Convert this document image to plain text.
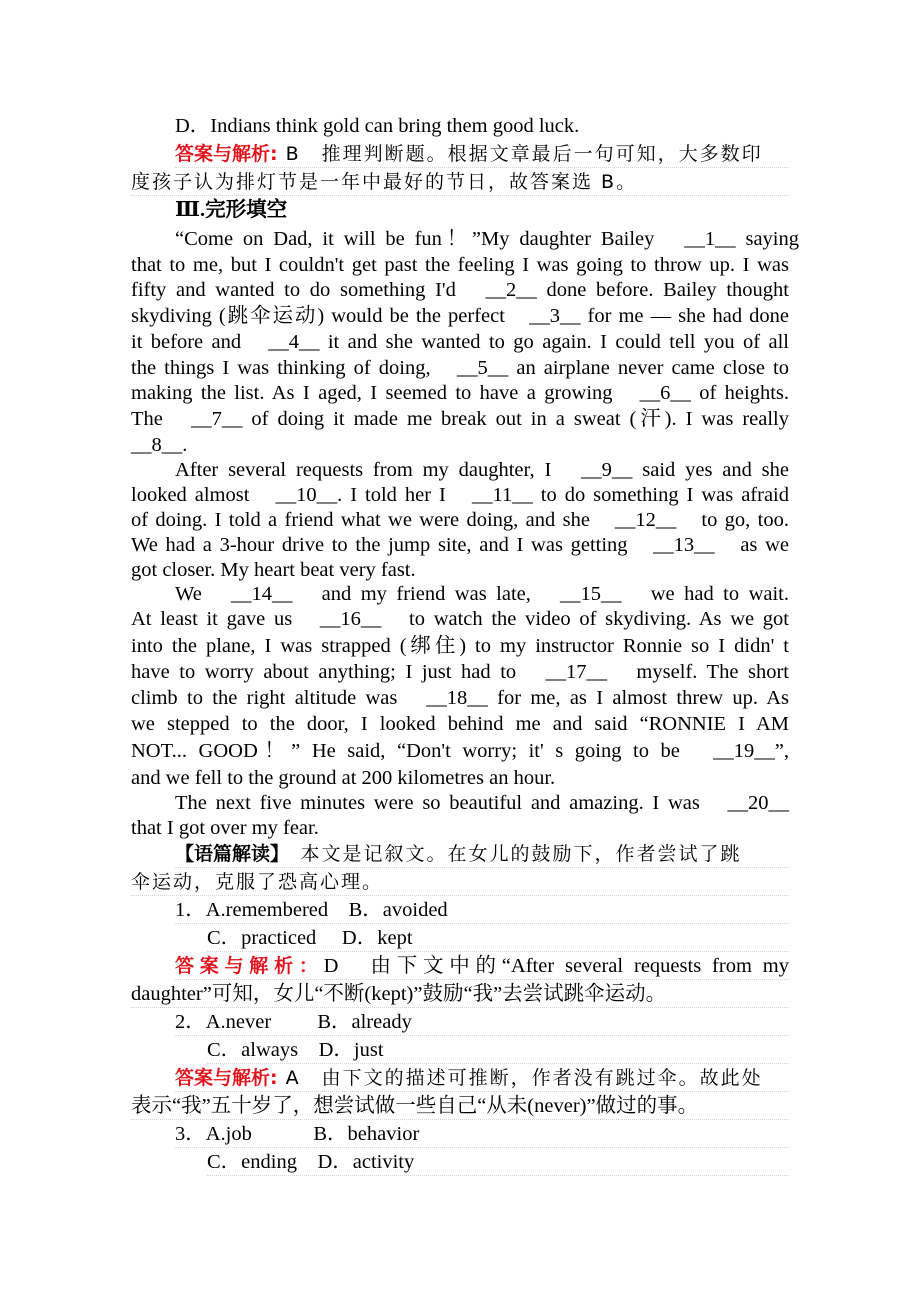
D．Indians think gold can bring them good luck.
答案与解析: B　推理判断题。根据文章最后一句可知，大多数印
度孩子认为排灯节是一年中最好的节日，故答案选 B。
Ⅲ.完形填空
“Come on Dad, it will be fun！”My daughter Bailey　__1__ saying
that to me, but I couldn't get past the feeling I was going to throw up. I was
fifty and wanted to do something I'd　__2__ done before. Bailey thought
skydiving (跳伞运动) would be the perfect　__3__ for me — she had done
it before and　__4__ it and she wanted to go again. I could tell you of all
the things I was thinking of doing,　__5__ an airplane never came close to
making the list. As I aged, I seemed to have a growing　__6__ of heights.
The　__7__ of doing it made me break out in a sweat (汗). I was really
__8__.
After several requests from my daughter, I　__9__ said yes and she
looked almost　__10__. I told her I　__11__ to do something I was afraid
of doing. I told a friend what we were doing, and she　__12__　to go, too.
We had a 3-hour drive to the jump site, and I was getting　__13__　as we
got closer. My heart beat very fast.
We　__14__　and my friend was late,　__15__　we had to wait.
At least it gave us　__16__　to watch the video of skydiving. As we got
into the plane, I was strapped (绑住) to my instructor Ronnie so I didn' t
have to worry about anything; I just had to　__17__　myself. The short
climb to the right altitude was　__18__ for me, as I almost threw up. As
we stepped to the door, I looked behind me and said “RONNIE I AM
NOT... GOOD！” He said, “Don't worry; it' s going to be　__19__”,
and we fell to the ground at 200 kilometres an hour.
The next five minutes were so beautiful and amazing. I was　__20__
that I got over my fear.
【语篇解读】　本文是记叙文。在女儿的鼓励下，作者尝试了跳
伞运动，克服了恐高心理。
1．A.remembered　B．avoided
C．practiced　 D．kept
答案与解析：D　由下文中的“After several requests from my
daughter”可知，女儿“不断(kept)”鼓励“我”去尝试跳伞运动。
2．A.never　　 B．already
C．always　D．just
答案与解析: A　由下文的描述可推断，作者没有跳过伞。故此处
表示“我”五十岁了，想尝试做一些自己“从未(never)”做过的事。
3．A.job　　　B．behavior
C．ending　D．activity
